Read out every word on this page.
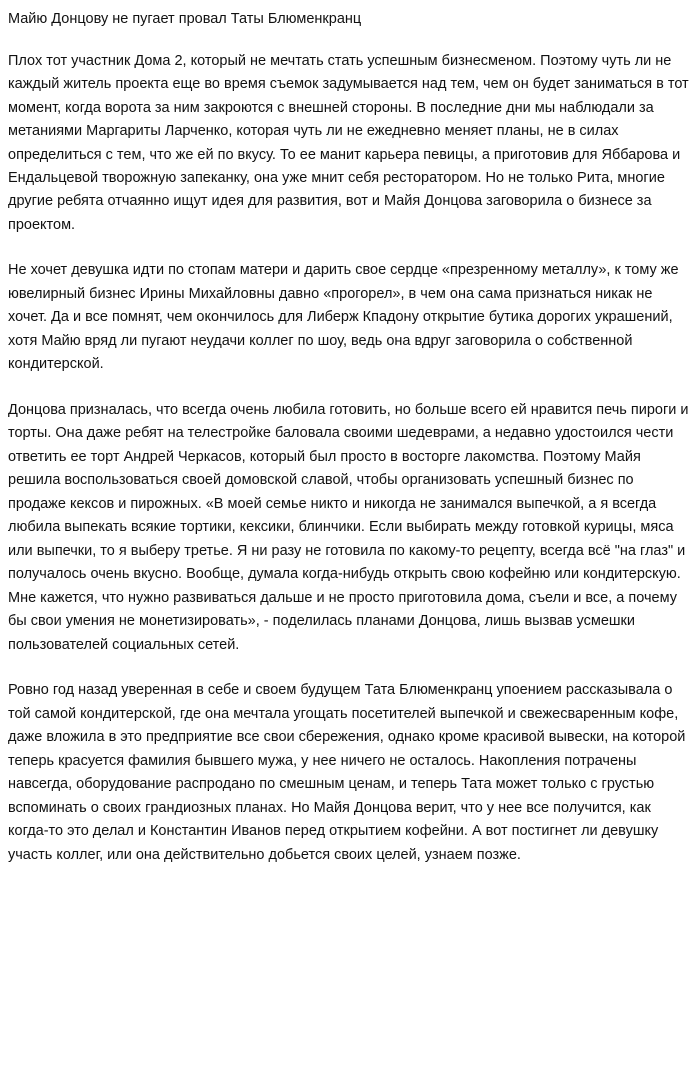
Майю Донцову не пугает провал Таты Блюменкранц

Плох тот участник Дома 2, который не мечтать стать успешным бизнесменом. Поэтому чуть ли не каждый житель проекта еще во время съемок задумывается над тем, чем он будет заниматься в тот момент, когда ворота за ним закроются с внешней стороны. В последние дни мы наблюдали за метаниями Маргариты Ларченко, которая чуть ли не ежедневно меняет планы, не в силах определиться с тем, что же ей по вкусу. То ее манит карьера певицы, а приготовив для Яббарова и Ендальцевой творожную запеканку, она уже мнит себя ресторатором. Но не только Рита, многие другие ребята отчаянно ищут идея для развития, вот и Майя Донцова заговорила о бизнесе за проектом.

Не хочет девушка идти по стопам матери и дарить свое сердце «презренному металлу», к тому же ювелирный бизнес Ирины Михайловны давно «прогорел», в чем она сама признаться никак не хочет. Да и все помнят, чем окончилось для Либерж Кпадону открытие бутика дорогих украшений, хотя Майю вряд ли пугают неудачи коллег по шоу, ведь она вдруг заговорила о собственной кондитерской.

Донцова призналась, что всегда очень любила готовить, но больше всего ей нравится печь пироги и торты. Она даже ребят на телестройке баловала своими шедеврами, а недавно удостоился чести ответить ее торт Андрей Черкасов, который был просто в восторге лакомства. Поэтому Майя решила воспользоваться своей домовской славой, чтобы организовать успешный бизнес по продаже кексов и пирожных. «В моей семье никто и никогда не занимался выпечкой, а я всегда любила выпекать всякие тортики, кексики, блинчики. Если выбирать между готовкой курицы, мяса или выпечки, то я выберу третье. Я ни разу не готовила по какому-то рецепту, всегда всё "на глаз" и получалось очень вкусно. Вообще, думала когда-нибудь открыть свою кофейню или кондитерскую. Мне кажется, что нужно развиваться дальше и не просто приготовила дома, съели и все, а почему бы свои умения не монетизировать», - поделилась планами Донцова, лишь вызвав усмешки пользователей социальных сетей.

Ровно год назад уверенная в себе и своем будущем Тата Блюменкранц упоением рассказывала о той самой кондитерской, где она мечтала угощать посетителей выпечкой и свежесваренным кофе, даже вложила в это предприятие все свои сбережения, однако кроме красивой вывески, на которой теперь красуется фамилия бывшего мужа, у нее ничего не осталось. Накопления потрачены навсегда, оборудование распродано по смешным ценам, и теперь Тата может только с грустью вспоминать о своих грандиозных планах. Но Майя Донцова верит, что у нее все получится, как когда-то это делал и Константин Иванов перед открытием кофейни. А вот постигнет ли девушку участь коллег, или она действительно добьется своих целей, узнаем позже.
